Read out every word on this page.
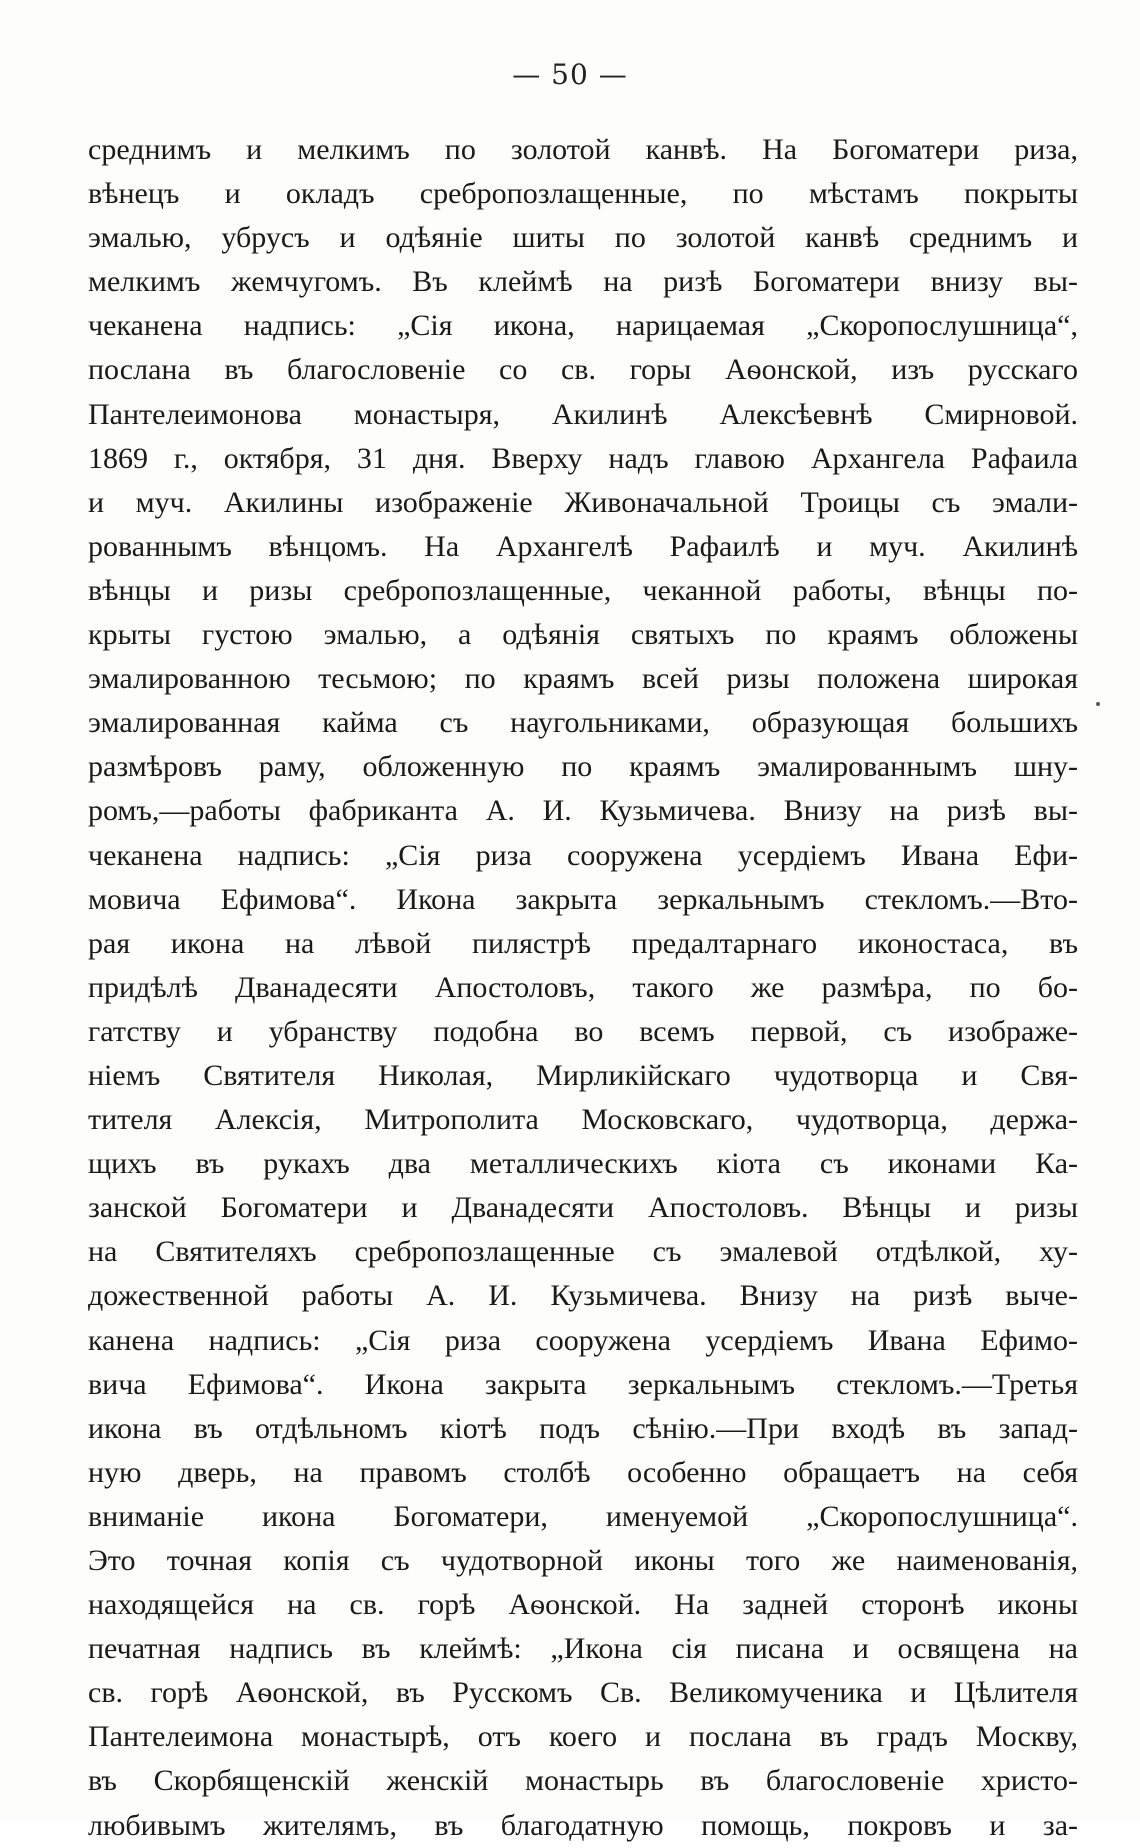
— 50 —
среднимъ и мелкимъ по золотой канвѣ. На Богоматери риза,
вѣнецъ и окладъ сребропозлащенные, по мѣстамъ покрыты
эмалью, убрусъ и одѣяніе шиты по золотой канвѣ среднимъ и
мелкимъ жемчугомъ. Въ клеймѣ на ризѣ Богоматери внизу вы-
чеканена надпись: „Сія икона, нарицаемая „Скоропослушница“,
послана въ благословеніе со св. горы Аѳонской, изъ русскаго
Пантелеимонова монастыря, Акилинѣ Алексѣевнѣ Смирновой.
1869 г., октября, 31 дня. Вверху надъ главою Архангела Рафаила
и муч. Акилины изображеніе Живоначальной Троицы съ эмали-
рованнымъ вѣнцомъ. На Архангелѣ Рафаилѣ и муч. Акилинѣ
вѣнцы и ризы сребропозлащенные, чеканной работы, вѣнцы по-
крыты густою эмалью, а одѣянія святыхъ по краямъ обложены
эмалированною тесьмою; по краямъ всей ризы положена широкая
эмалированная кайма съ наугольниками, образующая большихъ
размѣровъ раму, обложенную по краямъ эмалированнымъ шну-
ромъ,—работы фабриканта А. И. Кузьмичева. Внизу на ризѣ вы-
чеканена надпись: „Сія риза сооружена усердіемъ Ивана Ефи-
мовича Ефимова“. Икона закрыта зеркальнымъ стекломъ.—Вто-
рая икона на лѣвой пилястрѣ предалтарнаго иконостаса, въ
придѣлѣ Дванадесяти Апостоловъ, такого же размѣра, по бо-
гатству и убранству подобна во всемъ первой, съ изображе-
ніемъ Святителя Николая, Мирликійскаго чудотворца и Свя-
тителя Алексія, Митрополита Московскаго, чудотворца, держа-
щихъ въ рукахъ два металлическихъ кіота съ иконами Ка-
занской Богоматери и Дванадесяти Апостоловъ. Вѣнцы и ризы
на Святителяхъ сребропозлащенные съ эмалевой отдѣлкой, ху-
дожественной работы А. И. Кузьмичева. Внизу на ризѣ выче-
канена надпись: „Сія риза сооружена усердіемъ Ивана Ефимо-
вича Ефимова“. Икона закрыта зеркальнымъ стекломъ.—Третья
икона въ отдѣльномъ кіотѣ подъ сѣнію.—При входѣ въ запад-
ную дверь, на правомъ столбѣ особенно обращаетъ на себя
вниманіе икона Богоматери, именуемой „Скоропослушница“.
Это точная копія съ чудотворной иконы того же наименованія,
находящейся на св. горѣ Аѳонской. На задней сторонѣ иконы
печатная надпись въ клеймѣ: „Икона сія писана и освящена на
св. горѣ Аѳонской, въ Русскомъ Св. Великомученика и Цѣлителя
Пантелеимона монастырѣ, отъ коего и послана въ градъ Москву,
въ Скорбященскій женскій монастырь въ благословеніе христо-
любивымъ жителямъ, въ благодатную помощь, покровъ и за-
